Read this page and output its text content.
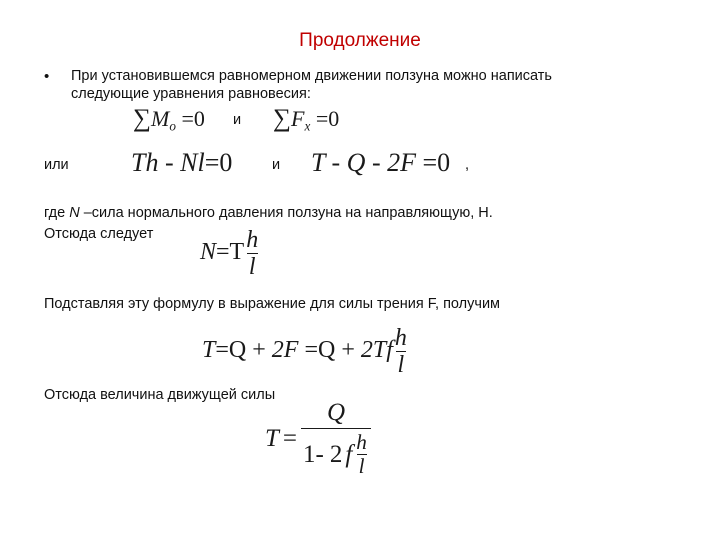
Продолжение
• При установившемся равномерном движении ползуна можно написать
следующие уравнения равновесия:
$\sum M_o =0$ и $\sum F_x =0$
или Th - Nl=0	и T - Q - 2F =0 ,
где N –сила нормального давления ползуна на направляющую, Н.
Отсюда следует
$N=T \frac{h}{l}$
Подставляя эту формулу в выражение для силы трения F, получим
$T=Q + 2F =Q + 2Tf \frac{h}{l}$
Отсюда величина движущей силы
$T = \frac{Q}{1- 2 f \frac{h}{l}}$
